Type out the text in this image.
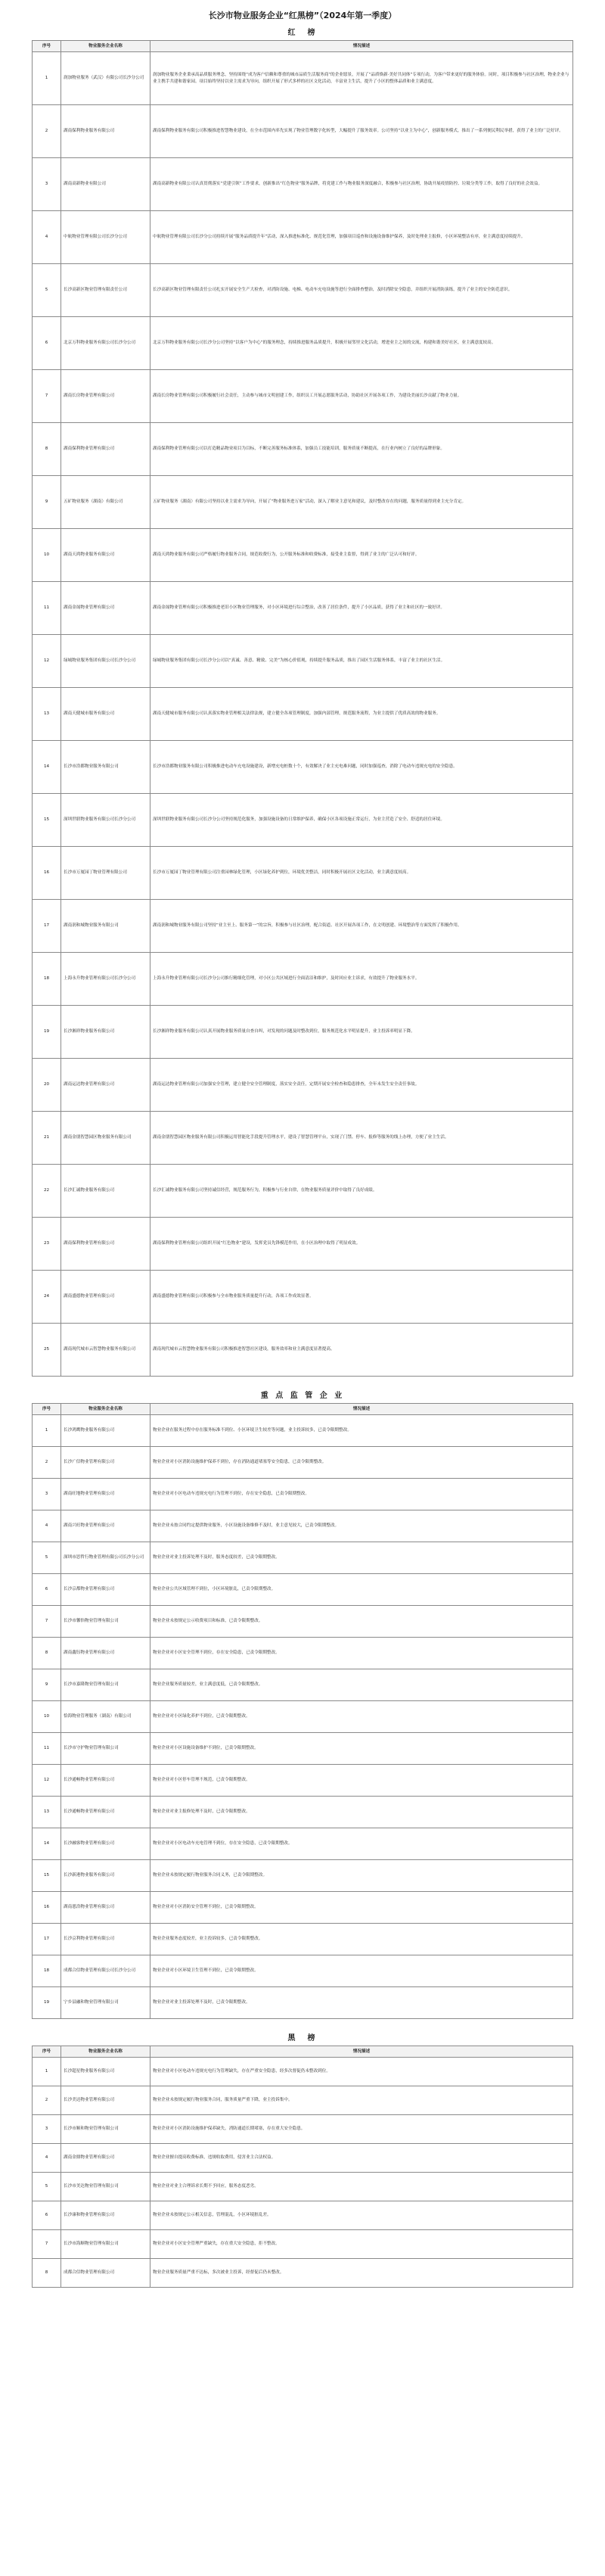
长沙市物业服务企业“红黑榜”（2024年第一季度）
红　榜
序号	物业服务企业名称	情况描述
1	润加物业服务（武汉）有限公司长沙分公司	润加物业服务企业秉承高品质服务理念，坚持围绕“成为客户信赖和尊重的城市品质生活服务商”的企业愿景，开展了“品质焕新·美好共同体”专项行动，为客户带来更好的服务体验。同时，项目积极参与社区治理，物业企业与业主携手共建和谐家园。项目始终坚持以业主需求为导向，组织开展了形式多样的社区文化活动，丰富业主生活，提升了小区的整体品质和业主满意度。
2	湖南保利物业服务有限公司	湖南保利物业服务有限公司积极推进智慧物业建设，在全市范围内率先实现了物业管理数字化转型，大幅提升了服务效率。公司坚持“以业主为中心”，创新服务模式，推出了一系列便民利民举措，获得了业主的广泛好评。
3	湖南高新物业有限公司	湖南高新物业有限公司认真贯彻落实“党建引领”工作要求，创新推出“红色物业”服务品牌，将党建工作与物业服务深度融合，积极参与社区治理，协助开展疫情防控、垃圾分类等工作，取得了良好的社会效益。
4	中航物业管理有限公司长沙分公司	中航物业管理有限公司长沙分公司持续开展“服务品质提升年”活动，深入推进标准化、规范化管理，加强项目巡查和设施设备维护保养，及时处理业主报修，小区环境整洁有序，业主满意度持续提升。
5	长沙高新区物业管理有限责任公司	长沙高新区物业管理有限责任公司扎实开展安全生产大检查，对消防设施、电梯、电动车充电设施等进行全面排查整治，及时消除安全隐患，并组织开展消防演练，提升了业主的安全防范意识。
6	北京万科物业服务有限公司长沙分公司	北京万科物业服务有限公司长沙分公司坚持“以客户为中心”的服务理念，持续推进服务品质提升，积极开展邻里文化活动，增进业主之间的交流，构建和谐美好社区，业主满意度较高。
7	湖南长房物业管理有限公司	湖南长房物业管理有限公司积极履行社会责任，主动参与城市文明创建工作，组织员工开展志愿服务活动，协助社区开展各项工作，为建设美丽长沙贡献了物业力量。
8	湖南保利物业管理有限公司	湖南保利物业管理有限公司以打造精品物业项目为目标，不断完善服务标准体系，加强员工技能培训，服务质量不断提高，在行业内树立了良好的品牌形象。
9	五矿物业服务（湖南）有限公司	五矿物业服务（湖南）有限公司坚持以业主需求为导向，开展了“物业服务进万家”活动，深入了解业主意见和建议，及时整改存在的问题，服务质量得到业主充分肯定。
10	湖南天鸿物业服务有限公司	湖南天鸿物业服务有限公司严格履行物业服务合同，规范收费行为，公开服务标准和收费标准，接受业主监督，得到了业主的广泛认可和好评。
11	湖南金晟物业管理有限公司	湖南金晟物业管理有限公司积极推进老旧小区物业管理服务，对小区环境进行综合整治，改善了居住条件，提升了小区品质，获得了业主和社区的一致好评。
12	绿城物业服务集团有限公司长沙分公司	绿城物业服务集团有限公司长沙分公司以“真诚、善意、精致、完美”为核心价值观，持续提升服务品质，推出了园区生活服务体系，丰富了业主的社区生活。
13	湖南天健城市服务有限公司	湖南天健城市服务有限公司认真落实物业管理相关法律法规，建立健全各项管理制度，加强内部管理，规范服务流程，为业主提供了优质高效的物业服务。
14	长沙市浩都物业服务有限公司	长沙市浩都物业服务有限公司积极推进电动车充电设施建设，新增充电桩数十个，有效解决了业主充电难问题，同时加强巡查，消除了电动车违规充电的安全隐患。
15	深圳世联物业服务有限公司长沙分公司	深圳世联物业服务有限公司长沙分公司坚持规范化服务，加强设施设备的日常维护保养，确保小区各项设施正常运行，为业主营造了安全、舒适的居住环境。
16	长沙市万厦园丁物业管理有限公司	长沙市万厦园丁物业管理有限公司注重园林绿化管理，小区绿化养护到位，环境优美整洁，同时积极开展社区文化活动，业主满意度较高。
17	湖南润和城物业服务有限公司	湖南润和城物业服务有限公司坚持“业主至上、服务第一”的宗旨，积极参与社区治理，配合街道、社区开展各项工作，在文明创建、环境整治等方面发挥了积极作用。
18	上海永升物业管理有限公司长沙分公司	上海永升物业管理有限公司长沙分公司推行精细化管理，对小区公共区域进行全面清洁和维护，及时回应业主诉求，有效提升了物业服务水平。
19	长沙湘祥物业服务有限公司	长沙湘祥物业服务有限公司认真开展物业服务质量自查自纠，对发现的问题及时整改到位，服务规范化水平明显提升，业主投诉率明显下降。
20	湖南运达物业管理有限公司	湖南运达物业管理有限公司加强安全管理，建立健全安全管理制度，落实安全责任，定期开展安全检查和隐患排查，全年未发生安全责任事故。
21	湖南金朋智慧园区物业服务有限公司	湖南金朋智慧园区物业服务有限公司积极运用智能化手段提升管理水平，建设了智慧管理平台，实现了门禁、停车、报修等服务的线上办理，方便了业主生活。
22	长沙汇诚物业服务有限公司	长沙汇诚物业服务有限公司坚持诚信经营，规范服务行为，积极参与行业自律，在物业服务质量评价中取得了良好成绩。
23	湖南保利物业管理有限公司	湖南保利物业管理有限公司组织开展“红色物业”建设，发挥党员先锋模范作用，在小区治理中取得了明显成效。
24	湖南盛德物业管理有限公司	湖南盛德物业管理有限公司积极参与全市物业服务质量提升行动，各项工作成效显著。
25	湖南现代城市云智慧物业服务有限公司	湖南现代城市云智慧物业服务有限公司积极推进智慧社区建设，服务效率和业主满意度显著提高。
重 点 监 管 企 业
序号	物业服务企业名称	情况描述
1	长沙鸿鹰物业服务有限公司	物业企业在服务过程中存在服务标准不到位、小区环境卫生较差等问题，业主投诉较多，已责令限期整改。
2	长沙广信物业管理有限公司	物业企业对小区消防设施维护保养不到位，存在消防通道堵塞等安全隐患，已责令限期整改。
3	湖南旺地物业管理有限公司	物业企业对小区电动车违规充电行为管理不到位，存在安全隐患，已责令限期整改。
4	湖南兴旺物业管理有限公司	物业企业未按合同约定提供物业服务，小区设施设备维修不及时，业主意见较大，已责令限期整改。
5	深圳市思哲行物业管理有限公司长沙分公司	物业企业对业主投诉处理不及时，服务态度较差，已责令限期整改。
6	长沙京都物业管理有限公司	物业企业公共区域管理不到位，小区环境脏乱，已责令限期整改。
7	长沙市馨怡物业管理有限公司	物业企业未按规定公示收费项目和标准，已责令限期整改。
8	湖南鑫钰物业管理有限公司	物业企业对小区安全管理不到位，存在安全隐患，已责令限期整改。
9	长沙市嘉隆物业管理有限公司	物业企业服务质量较差，业主满意度低，已责令限期整改。
10	恰海物业管理服务（湖南）有限公司	物业企业对小区绿化养护不到位，已责令限期整改。
11	长沙市守护物业管理有限公司	物业企业对小区设施设备维护不到位，已责令限期整改。
12	长沙通畅物业管理有限公司	物业企业对小区停车管理不规范，已责令限期整改。
13	长沙通畅物业管理有限公司	物业企业对业主报修处理不及时，已责令限期整改。
14	长沙融客物业管理有限公司	物业企业对小区电动车充电管理不到位，存在安全隐患，已责令限期整改。
15	长沙新港物业服务有限公司	物业企业未按规定履行物业服务合同义务，已责令限期整改。
16	湖南恩浩物业管理有限公司	物业企业对小区消防安全管理不到位，已责令限期整改。
17	长沙京利物业管理有限公司	物业企业服务态度较差，业主投诉较多，已责令限期整改。
18	成都合信物业管理有限公司长沙分公司	物业企业对小区环境卫生管理不到位，已责令限期整改。
19	宁乡县融和物业管理有限公司	物业企业对业主投诉处理不及时，已责令限期整改。
黑　榜
序号	物业服务企业名称	情况描述
1	长沙超星物业服务有限公司	物业企业对小区电动车违规充电行为管理缺失，存在严重安全隐患，经多次督促仍未整改到位。
2	长沙美达物业管理有限公司	物业企业未按规定履行物业服务合同，服务质量严重下降，业主投诉集中。
3	长沙市顺和物业管理有限公司	物业企业对小区消防设施维护保养缺失，消防通道长期堵塞，存在重大安全隐患。
4	湖南金鼎物业管理有限公司	物业企业擅自提高收费标准，违规收取费用，侵害业主合法权益。
5	长沙市美达物业管理有限公司	物业企业对业主合理诉求长期不予回应，服务态度恶劣。
6	长沙康和物业管理有限公司	物业企业未按规定公示相关信息，管理混乱，小区环境脏乱差。
7	长沙市海顺物业管理有限公司	物业企业对小区安全管理严重缺失，存在重大安全隐患，拒不整改。
8	成都合信物业管理有限公司	物业企业服务质量严重不达标，多次被业主投诉，经督促后仍未整改。
